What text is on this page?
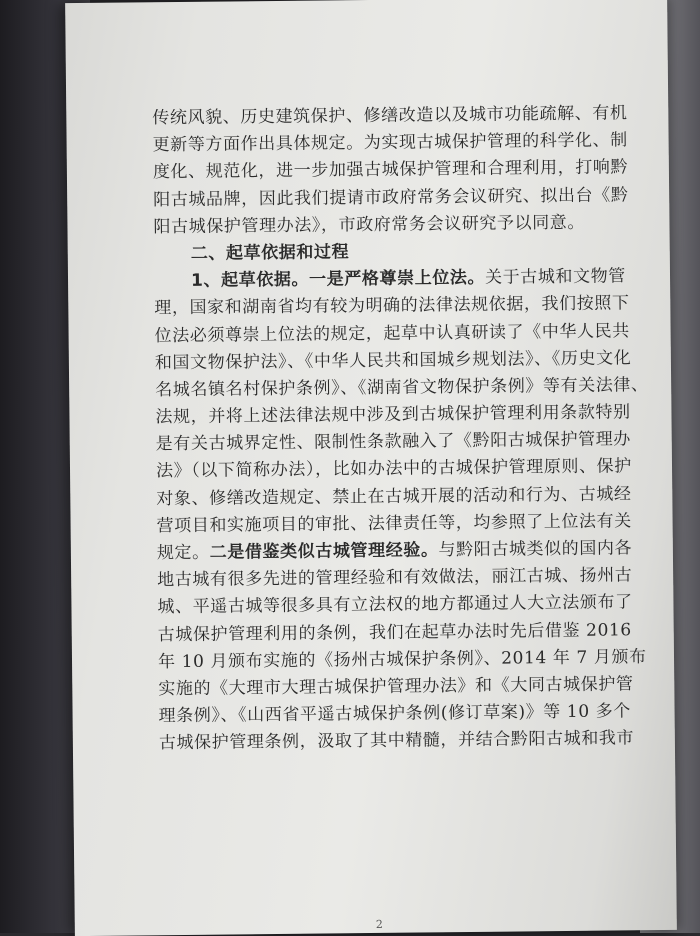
传统风貌、历史建筑保护、修缮改造以及城市功能疏解、有机
更新等方面作出具体规定。为实现古城保护管理的科学化、制
度化、规范化，进一步加强古城保护管理和合理利用，打响黔
阳古城品牌，因此我们提请市政府常务会议研究、拟出台《黔
阳古城保护管理办法》，市政府常务会议研究予以同意。
二、起草依据和过程
1、起草依据。一是严格尊崇上位法。关于古城和文物管
理，国家和湖南省均有较为明确的法律法规依据，我们按照下
位法必须尊崇上位法的规定，起草中认真研读了《中华人民共
和国文物保护法》、《中华人民共和国城乡规划法》、《历史文化
名城名镇名村保护条例》、《湖南省文物保护条例》等有关法律、
法规，并将上述法律法规中涉及到古城保护管理利用条款特别
是有关古城界定性、限制性条款融入了《黔阳古城保护管理办
法》（以下简称办法），比如办法中的古城保护管理原则、保护
对象、修缮改造规定、禁止在古城开展的活动和行为、古城经
营项目和实施项目的审批、法律责任等，均参照了上位法有关
规定。二是借鉴类似古城管理经验。与黔阳古城类似的国内各
地古城有很多先进的管理经验和有效做法，丽江古城、扬州古
城、平遥古城等很多具有立法权的地方都通过人大立法颁布了
古城保护管理利用的条例，我们在起草办法时先后借鉴 2016
年 10 月颁布实施的《扬州古城保护条例》、2014 年 7 月颁布
实施的《大理市大理古城保护管理办法》和《大同古城保护管
理条例》、《山西省平遥古城保护条例(修订草案)》等 10 多个
古城保护管理条例，汲取了其中精髓，并结合黔阳古城和我市
2
